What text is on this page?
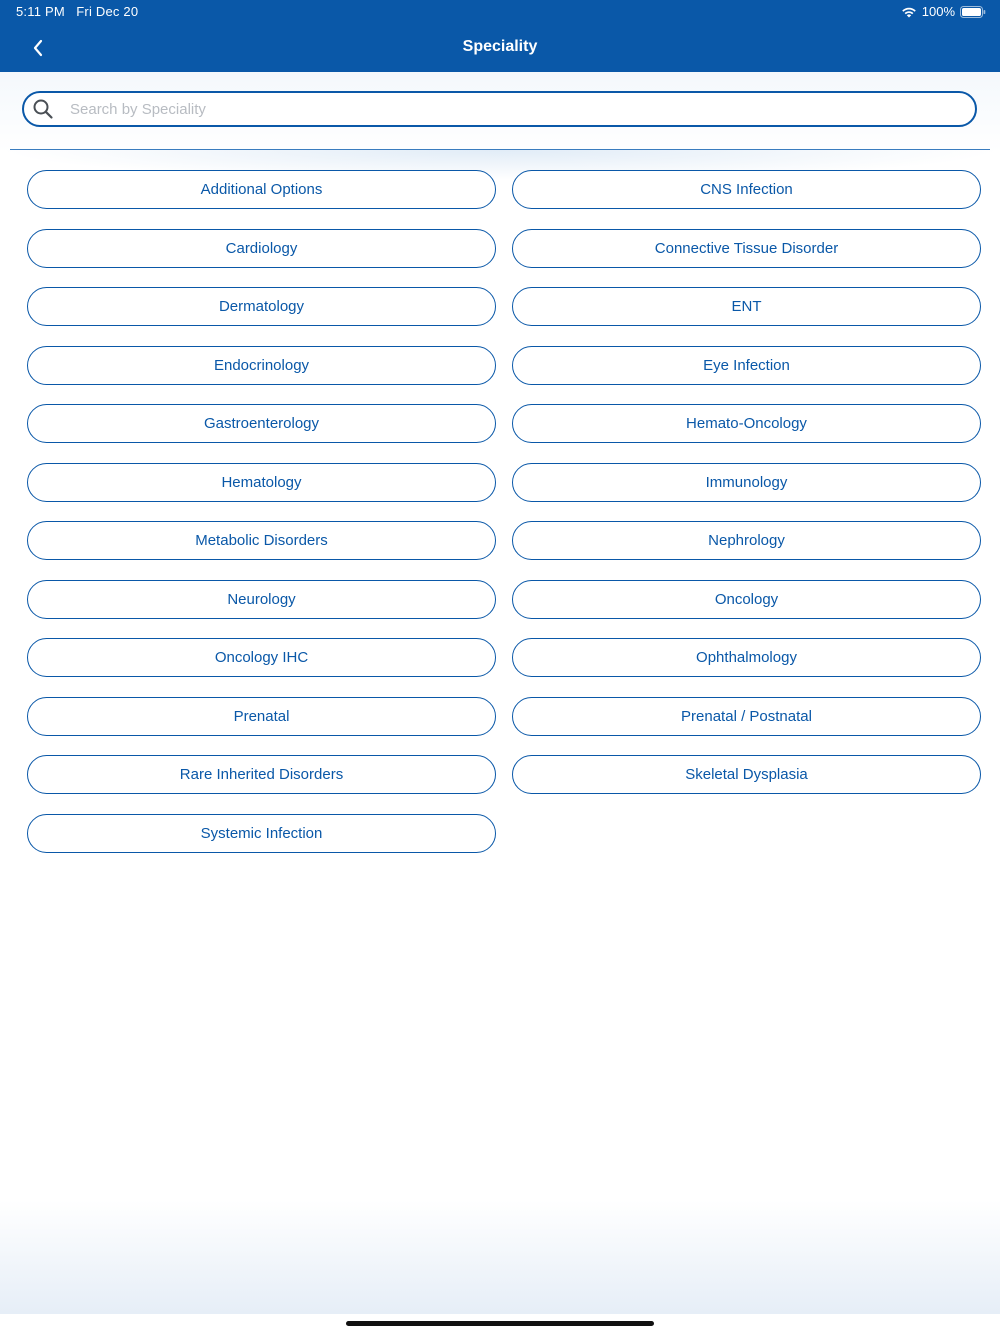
5:11 PM   Fri Dec 20	100%
Speciality
Search by Speciality
Additional Options	CNS Infection
Cardiology	Connective Tissue Disorder
Dermatology	ENT
Endocrinology	Eye Infection
Gastroenterology	Hemato-Oncology
Hematology	Immunology
Metabolic Disorders	Nephrology
Neurology	Oncology
Oncology IHC	Ophthalmology
Prenatal	Prenatal / Postnatal
Rare Inherited Disorders	Skeletal Dysplasia
Systemic Infection
